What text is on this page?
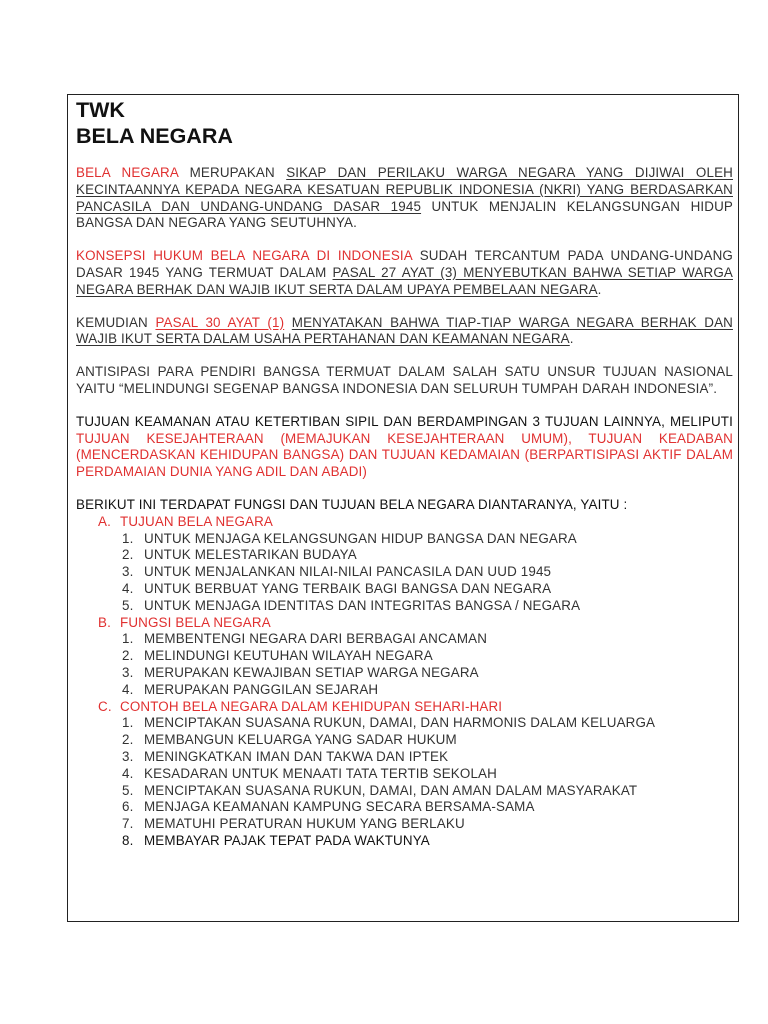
TWK
BELA NEGARA

BELA NEGARA MERUPAKAN SIKAP DAN PERILAKU WARGA NEGARA YANG DIJIWAI OLEH KECINTAANNYA KEPADA NEGARA KESATUAN REPUBLIK INDONESIA (NKRI) YANG BERDASARKAN PANCASILA DAN UNDANG-UNDANG DASAR 1945 UNTUK MENJALIN KELANGSUNGAN HIDUP BANGSA DAN NEGARA YANG SEUTUHNYA.

KONSEPSI HUKUM BELA NEGARA DI INDONESIA SUDAH TERCANTUM PADA UNDANG-UNDANG DASAR 1945 YANG TERMUAT DALAM PASAL 27 AYAT (3) MENYEBUTKAN BAHWA SETIAP WARGA NEGARA BERHAK DAN WAJIB IKUT SERTA DALAM UPAYA PEMBELAAN NEGARA.

KEMUDIAN PASAL 30 AYAT (1) MENYATAKAN BAHWA TIAP-TIAP WARGA NEGARA BERHAK DAN WAJIB IKUT SERTA DALAM USAHA PERTAHANAN DAN KEAMANAN NEGARA.

ANTISIPASI PARA PENDIRI BANGSA TERMUAT DALAM SALAH SATU UNSUR TUJUAN NASIONAL YAITU “MELINDUNGI SEGENAP BANGSA INDONESIA DAN SELURUH TUMPAH DARAH INDONESIA”.

TUJUAN KEAMANAN ATAU KETERTIBAN SIPIL DAN BERDAMPINGAN 3 TUJUAN LAINNYA, MELIPUTI TUJUAN KESEJAHTERAAN (MEMAJUKAN KESEJAHTERAAN UMUM), TUJUAN KEADABAN (MENCERDASKAN KEHIDUPAN BANGSA) DAN TUJUAN KEDAMAIAN (BERPARTISIPASI AKTIF DALAM PERDAMAIAN DUNIA YANG ADIL DAN ABADI)

BERIKUT INI TERDAPAT FUNGSI DAN TUJUAN BELA NEGARA DIANTARANYA, YAITU :
A. TUJUAN BELA NEGARA
1. UNTUK MENJAGA KELANGSUNGAN HIDUP BANGSA DAN NEGARA
2. UNTUK MELESTARIKAN BUDAYA
3. UNTUK MENJALANKAN NILAI-NILAI PANCASILA DAN UUD 1945
4. UNTUK BERBUAT YANG TERBAIK BAGI BANGSA DAN NEGARA
5. UNTUK MENJAGA IDENTITAS DAN INTEGRITAS BANGSA / NEGARA
B. FUNGSI BELA NEGARA
1. MEMBENTENGI NEGARA DARI BERBAGAI ANCAMAN
2. MELINDUNGI KEUTUHAN WILAYAH NEGARA
3. MERUPAKAN KEWAJIBAN SETIAP WARGA NEGARA
4. MERUPAKAN PANGGILAN SEJARAH
C. CONTOH BELA NEGARA DALAM KEHIDUPAN SEHARI-HARI
1. MENCIPTAKAN SUASANA RUKUN, DAMAI, DAN HARMONIS DALAM KELUARGA
2. MEMBANGUN KELUARGA YANG SADAR HUKUM
3. MENINGKATKAN IMAN DAN TAKWA DAN IPTEK
4. KESADARAN UNTUK MENAATI TATA TERTIB SEKOLAH
5. MENCIPTAKAN SUASANA RUKUN, DAMAI, DAN AMAN DALAM MASYARAKAT
6. MENJAGA KEAMANAN KAMPUNG SECARA BERSAMA-SAMA
7. MEMATUHI PERATURAN HUKUM YANG BERLAKU
8. MEMBAYAR PAJAK TEPAT PADA WAKTUNYA
